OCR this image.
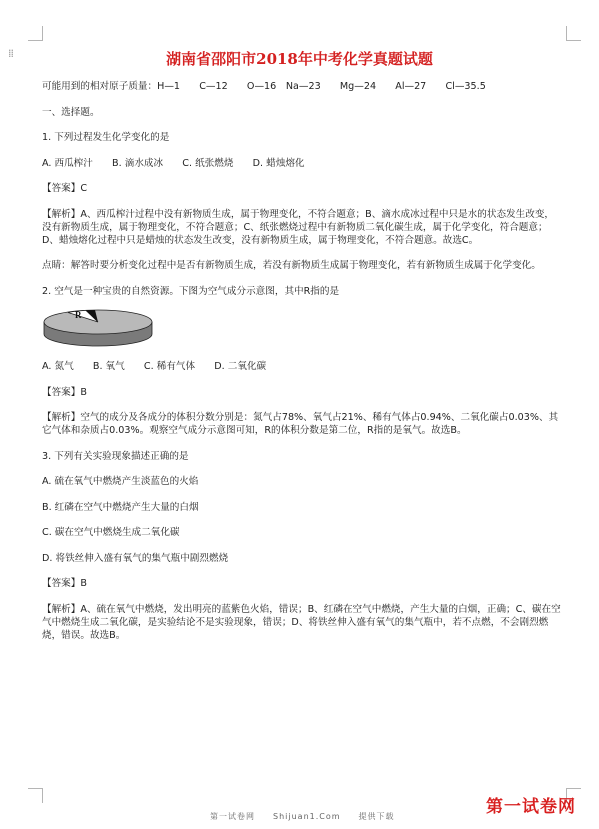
⁞⁞	湖南省邵阳市2018年中考化学真题试题

可能用到的相对原子质量：H—1　　C—12　　O—16　Na—23　　Mg—24　　Al—27　　Cl—35.5

一、选择题。

1. 下列过程发生化学变化的是

A. 西瓜榨汁　　B. 滴水成冰　　C. 纸张燃烧　　D. 蜡烛熔化

【答案】C

【解析】A、西瓜榨汁过程中没有新物质生成，属于物理变化，不符合题意；B、滴水成冰过程中只是水的状态发生改变，没有新物质生成，属于物理变化，不符合题意；C、纸张燃烧过程中有新物质二氧化碳生成，属于化学变化，符合题意；D、蜡烛熔化过程中只是蜡烛的状态发生改变，没有新物质生成，属于物理变化，不符合题意。故选C。

点睛：解答时要分析变化过程中是否有新物质生成，若没有新物质生成属于物理变化，若有新物质生成属于化学变化。

2. 空气是一种宝贵的自然资源。下图为空气成分示意图，其中R指的是

R

A. 氮气　　B. 氧气　　C. 稀有气体　　D. 二氧化碳

【答案】B

【解析】空气的成分及各成分的体积分数分别是：氮气占78%、氧气占21%、稀有气体占0.94%、二氧化碳占0.03%、其它气体和杂质占0.03%。观察空气成分示意图可知，R的体积分数是第二位，R指的是氧气。故选B。

3. 下列有关实验现象描述正确的是

A. 硫在氧气中燃烧产生淡蓝色的火焰

B. 红磷在空气中燃烧产生大量的白烟

C. 碳在空气中燃烧生成二氧化碳

D. 将铁丝伸入盛有氧气的集气瓶中剧烈燃烧

【答案】B

【解析】A、硫在氧气中燃烧，发出明亮的蓝紫色火焰，错误；B、红磷在空气中燃烧，产生大量的白烟，正确；C、碳在空气中燃烧生成二氧化碳，是实验结论不是实验现象，错误；D、将铁丝伸入盛有氧气的集气瓶中，若不点燃，不会剧烈燃烧，错误。故选B。

第一试卷网　　Shijuan1.Com　　提供下载	第一试卷网
